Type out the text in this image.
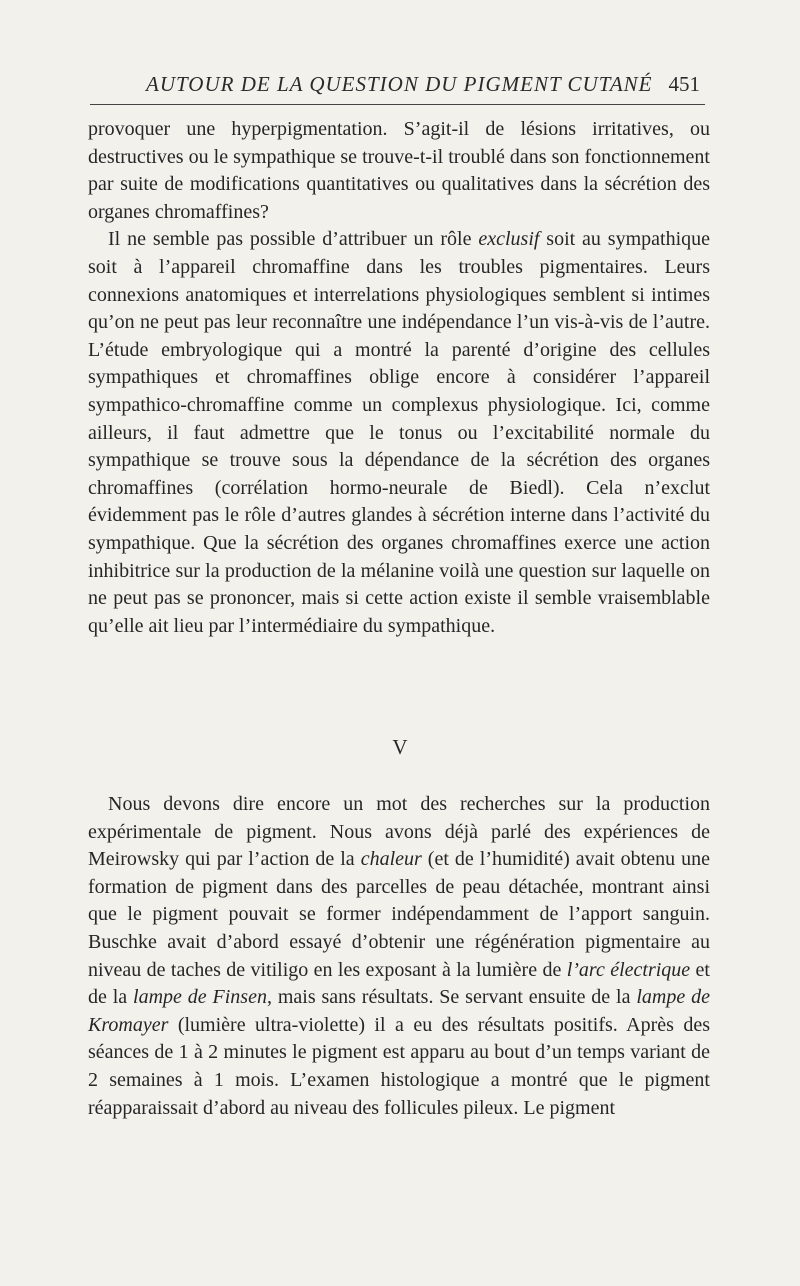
AUTOUR DE LA QUESTION DU PIGMENT CUTANÉ 451

provoquer une hyperpigmentation. S’agit-il de lésions irritatives, ou destructives ou le sympathique se trouve-t-il troublé dans son fonctionnement par suite de modifications quantitatives ou qualitatives dans la sécrétion des organes chromaffines?

Il ne semble pas possible d’attribuer un rôle exclusif soit au sympathique soit à l’appareil chromaffine dans les troubles pigmentaires. Leurs connexions anatomiques et interrelations physiologiques semblent si intimes qu’on ne peut pas leur reconnaître une indépendance l’un vis-à-vis de l’autre. L’étude embryologique qui a montré la parenté d’origine des cellules sympathiques et chromaffines oblige encore à considérer l’appareil sympathico-chromaffine comme un complexus physiologique. Ici, comme ailleurs, il faut admettre que le tonus ou l’excitabilité normale du sympathique se trouve sous la dépendance de la sécrétion des organes chromaffines (corrélation hormo-neurale de Biedl). Cela n’exclut évidemment pas le rôle d’autres glandes à sécrétion interne dans l’activité du sympathique. Que la sécrétion des organes chromaffines exerce une action inhibitrice sur la production de la mélanine voilà une question sur laquelle on ne peut pas se prononcer, mais si cette action existe il semble vraisemblable qu’elle ait lieu par l’intermédiaire du sympathique.

V

Nous devons dire encore un mot des recherches sur la production expérimentale de pigment. Nous avons déjà parlé des expériences de Meirowsky qui par l’action de la chaleur (et de l’humidité) avait obtenu une formation de pigment dans des parcelles de peau détachée, montrant ainsi que le pigment pouvait se former indépendamment de l’apport sanguin. Buschke avait d’abord essayé d’obtenir une régénération pigmentaire au niveau de taches de vitiligo en les exposant à la lumière de l’arc électrique et de la lampe de Finsen, mais sans résultats. Se servant ensuite de la lampe de Kromayer (lumière ultra-violette) il a eu des résultats positifs. Après des séances de 1 à 2 minutes le pigment est apparu au bout d’un temps variant de 2 semaines à 1 mois. L’examen histologique a montré que le pigment réapparaissait d’abord au niveau des follicules pileux. Le pigment
